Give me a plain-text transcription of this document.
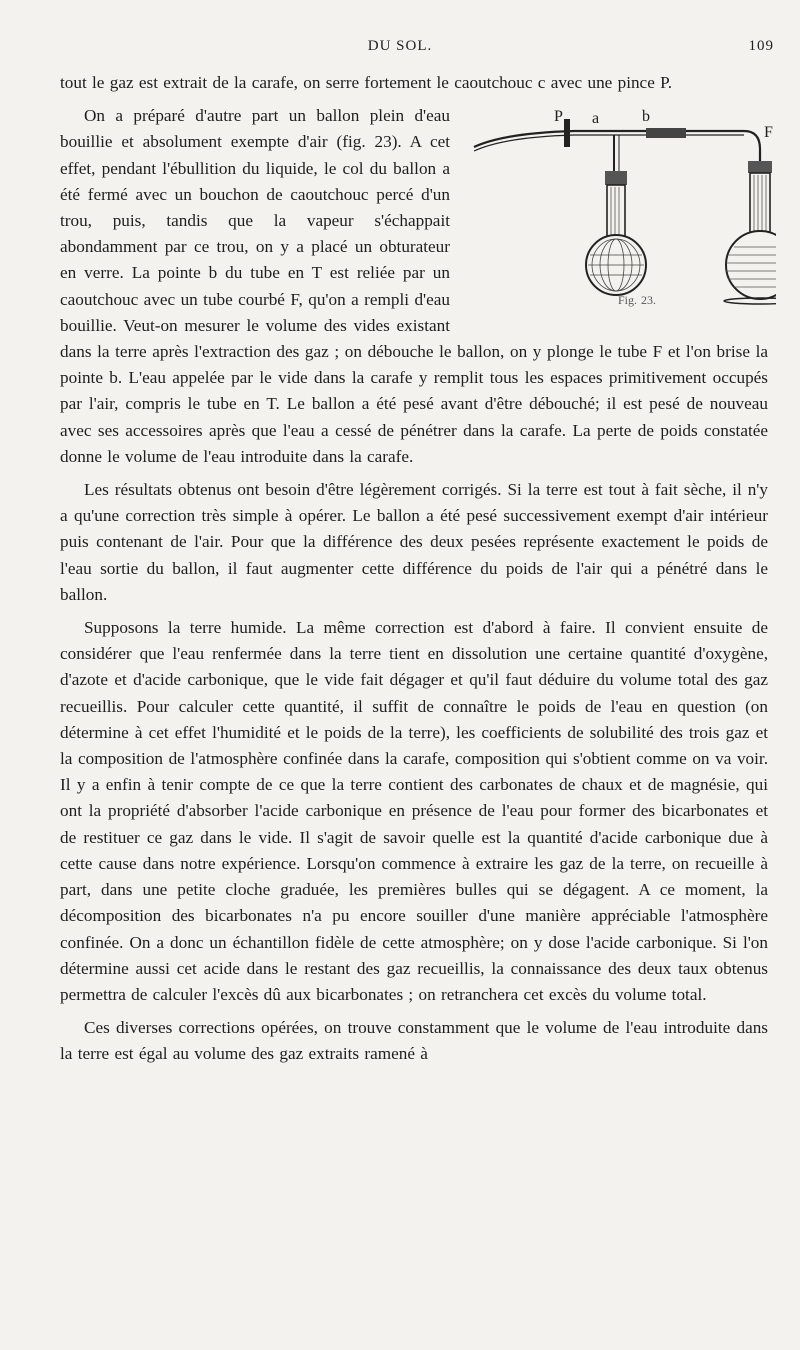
DU SOL.	109

tout le gaz est extrait de la carafe, on serre fortement le caoutchouc c avec une pince P.

P a	b
F
Fig. 23.
On a préparé d'autre part un ballon plein d'eau bouillie et absolument exempte d'air (fig. 23). A cet effet, pendant l'ébullition du liquide, le col du ballon a été fermé avec un bouchon de caoutchouc percé d'un trou, puis, tandis que la vapeur s'échappait abondamment par ce trou, on y a placé un obturateur en verre. La pointe b du tube en T est reliée par un caoutchouc avec un tube courbé F, qu'on a rempli d'eau bouillie. Veut-on mesurer le volume des vides existant dans la terre après l'extraction des gaz ; on débouche le ballon, on y plonge le tube F et l'on brise la pointe b. L'eau appelée par le vide dans la carafe y remplit tous les espaces primitivement occupés par l'air, compris le tube en T. Le ballon a été pesé avant d'être débouché; il est pesé de nouveau avec ses accessoires après que l'eau a cessé de pénétrer dans la carafe. La perte de poids constatée donne le volume de l'eau introduite dans la carafe.

Les résultats obtenus ont besoin d'être légèrement corrigés. Si la terre est tout à fait sèche, il n'y a qu'une correction très simple à opérer. Le ballon a été pesé successivement exempt d'air intérieur puis contenant de l'air. Pour que la différence des deux pesées représente exactement le poids de l'eau sortie du ballon, il faut augmenter cette différence du poids de l'air qui a pénétré dans le ballon.

Supposons la terre humide. La même correction est d'abord à faire. Il convient ensuite de considérer que l'eau renfermée dans la terre tient en dissolution une certaine quantité d'oxygène, d'azote et d'acide carbonique, que le vide fait dégager et qu'il faut déduire du volume total des gaz recueillis. Pour calculer cette quantité, il suffit de connaître le poids de l'eau en question (on détermine à cet effet l'humidité et le poids de la terre), les coefficients de solubilité des trois gaz et la composition de l'atmosphère confinée dans la carafe, composition qui s'obtient comme on va voir. Il y a enfin à tenir compte de ce que la terre contient des carbonates de chaux et de magnésie, qui ont la propriété d'absorber l'acide carbonique en présence de l'eau pour former des bicarbonates et de restituer ce gaz dans le vide. Il s'agit de savoir quelle est la quantité d'acide carbonique due à cette cause dans notre expérience. Lorsqu'on commence à extraire les gaz de la terre, on recueille à part, dans une petite cloche graduée, les premières bulles qui se dégagent. A ce moment, la décomposition des bicarbonates n'a pu encore souiller d'une manière appréciable l'atmosphère confinée. On a donc un échantillon fidèle de cette atmosphère; on y dose l'acide carbonique. Si l'on détermine aussi cet acide dans le restant des gaz recueillis, la connaissance des deux taux obtenus permettra de calculer l'excès dû aux bicarbonates ; on retranchera cet excès du volume total.

Ces diverses corrections opérées, on trouve constamment que le volume de l'eau introduite dans la terre est égal au volume des gaz extraits ramené à
